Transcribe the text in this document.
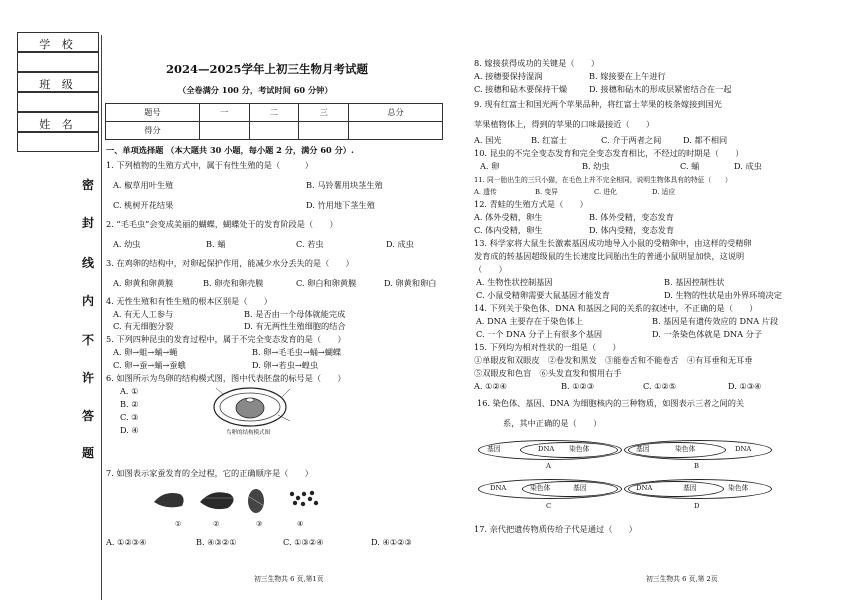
学 校
班 级
姓 名
密
封
线
内
不
许
答
题
2024—2025学年上初三生物月考试题
（全卷满分 100 分，考试时间 60 分钟）
题号	一	二	三	总分
得分				
一、单项选择题 （本大题共 30 小题，每小题 2 分，满分 60 分）.
1. 下列植物的生殖方式中，属于有性生殖的是（　　　）
A. 椒草用叶生殖	B. 马铃薯用块茎生殖
C. 桃树开花结果	D. 竹用地下茎生殖
2. “毛毛虫”会变成美丽的蝴蝶，蝴蝶处于的发育阶段是（　　）
A. 幼虫	B. 蛹	C. 若虫	D. 成虫
3. 在鸡卵的结构中，对卵起保护作用，能减少水分丢失的是（　　）
A. 卵黄和卵黄膜	B. 卵壳和卵壳膜	C. 卵白和卵黄膜	D. 卵黄和卵白
4. 无性生殖和有性生殖的根本区别是（　　）
A. 有无人工参与	B. 是否由一个母体就能完成
C. 有无细胞分裂	D. 有无两性生殖细胞的结合
5. 下列四种昆虫的发育过程中，属于不完全变态发育的是（　　）
A. 卵→蛆→蛹→蝇	B. 卵→毛毛虫→蛹→蝴蝶
C. 卵→蚕→蛹→蚕蛾	D. 卵→若虫→蝗虫
6. 如图所示为鸟卵的结构模式图，图中代表胚盘的标号是（　　）
A. ①
B. ②
C. ③
D. ④	鸟卵的结构模式图
7. 如图表示家蚕发育的全过程，它的正确顺序是（　　）
①	②	③	④
A. ①②③④	B. ④③②①	C. ①③②④	D. ④①②③
初三生物共 6 页,第1页
8. 嫁接获得成功的关键是（　　）
A. 接穗要保持湿润	B. 嫁接要在上午进行
C. 接穗和砧木要保持干燥	D. 接穗和砧木的形成层紧密结合在一起
9. 现有红富士和国光两个苹果品种，将红富士苹果的枝条嫁接到国光
苹果植物体上，得到的苹果的口味最接近（　　）
A. 国光	B. 红富士	C. 介于两者之间	D. 都不相同
10. 昆虫的不完全变态发育和完全变态发育相比，不经过的时期是（　　）
A. 卵	B. 幼虫	C. 蛹	D. 成虫
11. 同一胎出生的三只小猫，在毛色上并不完全相同，说明生物体具有的特征（　　）
A. 遗传	B. 变异	C. 进化	D. 适应
12. 青蛙的生殖方式是（　　）
A. 体外受精，卵生	B. 体外受精，变态发育
C. 体内受精，卵生	D. 体内受精，变态发育
13. 科学家将大鼠生长激素基因成功地导入小鼠的受精卵中，由这样的受精卵
发育成的转基因超级鼠的生长速度比同胎出生的普通小鼠明显加快，这说明
（　　）
A. 生物性状控制基因	B. 基因控制性状
C. 小鼠受精卵需要大鼠基因才能发育	D. 生物的性状是由外界环境决定
14. 下列关于染色体、DNA 和基因之间的关系的叙述中，不正确的是（　　）
A. DNA 主要存在于染色体上	B. 基因是有遗传效应的 DNA 片段
C. 一个 DNA 分子上有很多个基因	D. 一条染色体就是 DNA 分子
15. 下列均为相对性状的一组是（　　）
①单眼皮和双眼皮　②卷发和黑发　③能卷舌和不能卷舌　④有耳垂和无耳垂
⑤双眼皮和色盲　⑥头发直发和惯用右手
A. ①②④	B. ①②③	C. ①②⑤	D. ①③④
16. 染色体、基因、DNA 为细胞核内的三种物质，如图表示三者之间的关
系，其中正确的是（　　）
基因	DNA 染色体
A
基因	染色体	DNA
B
DNA	染色体	基因
C
DNA	基因	染色体
D
17. 亲代把遗传物质传给子代是通过（　　）
初三生物共 6 页,第 2页
